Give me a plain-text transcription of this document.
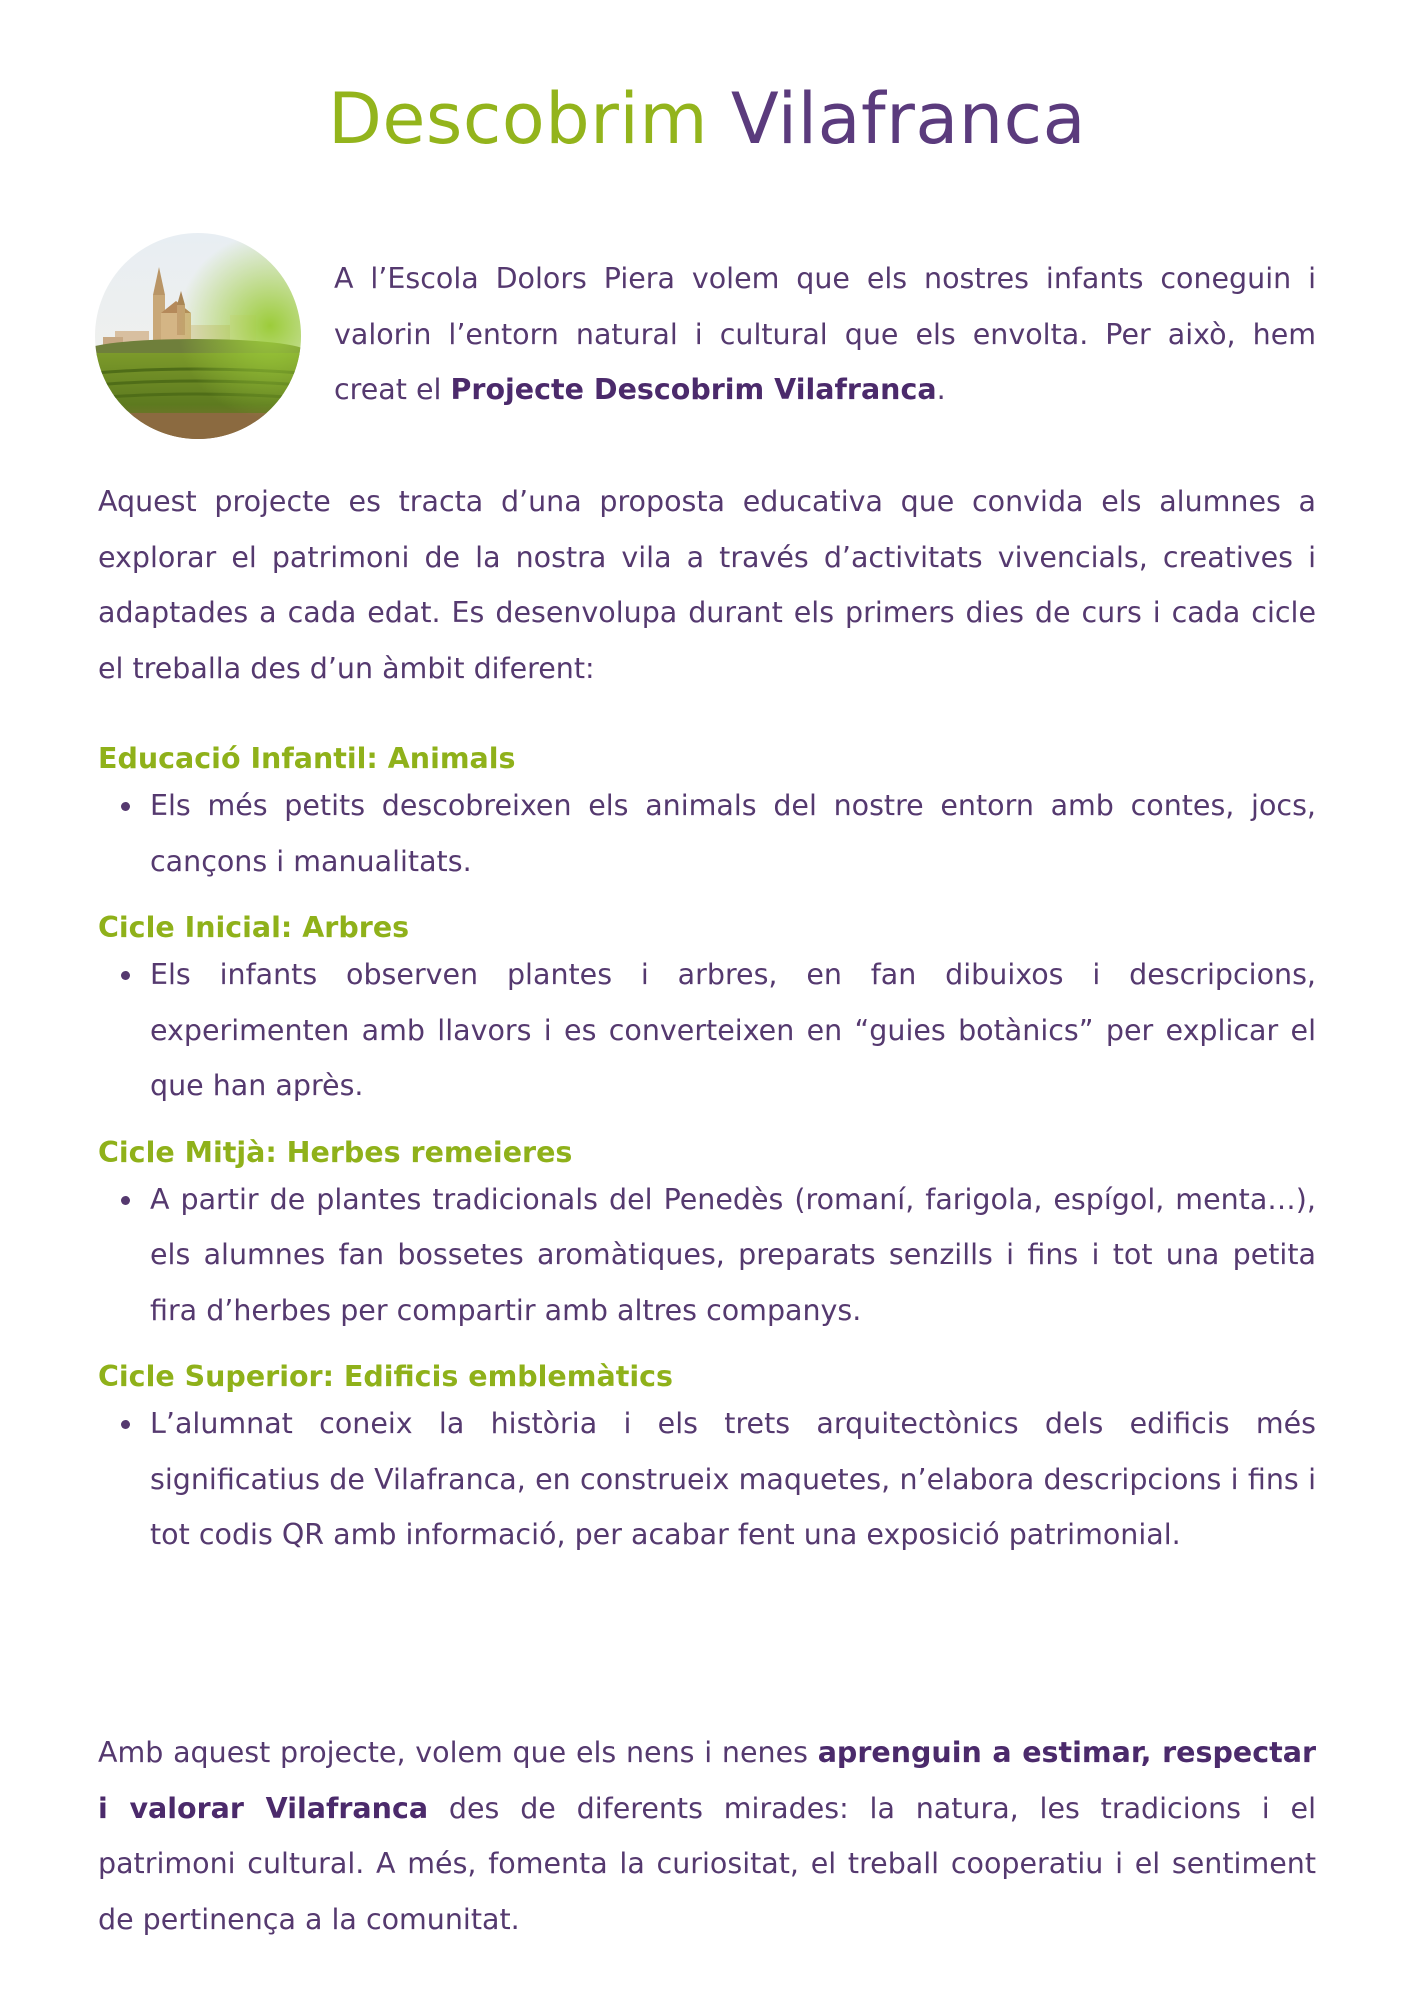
Descobrim Vilafranca

A l’Escola Dolors Piera volem que els nostres infants coneguin i valorin l’entorn natural i cultural que els envolta. Per això, hem creat el Projecte Descobrim Vilafranca.

Aquest projecte es tracta d’una proposta educativa que convida els alumnes a explorar el patrimoni de la nostra vila a través d’activitats vivencials, creatives i adaptades a cada edat. Es desenvolupa durant els primers dies de curs i cada cicle el treballa des d’un àmbit diferent:

Educació Infantil: Animals
Els més petits descobreixen els animals del nostre entorn amb contes, jocs, cançons i manualitats.
Cicle Inicial: Arbres
Els infants observen plantes i arbres, en fan dibuixos i descripcions, experimenten amb llavors i es converteixen en “guies botànics” per explicar el que han après.
Cicle Mitjà: Herbes remeieres
A partir de plantes tradicionals del Penedès (romaní, farigola, espígol, menta…), els alumnes fan bossetes aromàtiques, preparats senzills i fins i tot una petita fira d’herbes per compartir amb altres companys.
Cicle Superior: Edificis emblemàtics
L’alumnat coneix la història i els trets arquitectònics dels edificis més significatius de Vilafranca, en construeix maquetes, n’elabora descripcions i fins i tot codis QR amb informació, per acabar fent una exposició patrimonial.

Amb aquest projecte, volem que els nens i nenes aprenguin a estimar, respectar i valorar Vilafranca des de diferents mirades: la natura, les tradicions i el patrimoni cultural. A més, fomenta la curiositat, el treball cooperatiu i el sentiment de pertinença a la comunitat.
